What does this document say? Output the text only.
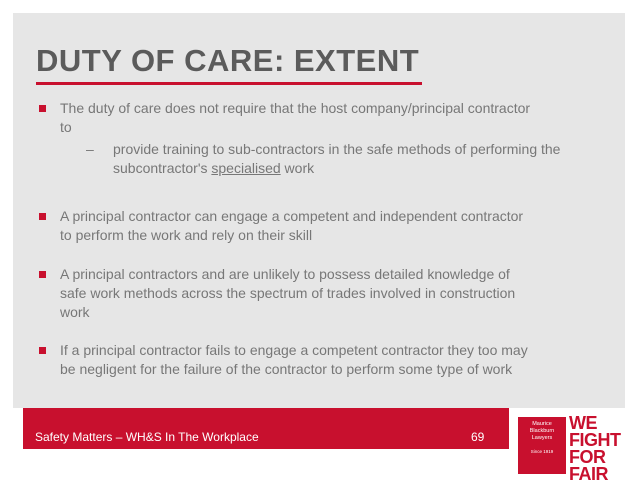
DUTY OF CARE: EXTENT
The duty of care does not require that the host company/principal contractor
to
– provide training to sub-contractors in the safe methods of performing the
subcontractor's specialised work
A principal contractor can engage a competent and independent contractor
to perform the work and rely on their skill
A principal contractors and are unlikely to possess detailed knowledge of
safe work methods across the spectrum of trades involved in construction
work
If a principal contractor fails to engage a competent contractor they too may
be negligent for the failure of the contractor to perform some type of work
Safety Matters – WH&S In The Workplace	69
Maurice
Blackburn
Lawyers
Since 1919
WE
FIGHT
FOR
FAIR
